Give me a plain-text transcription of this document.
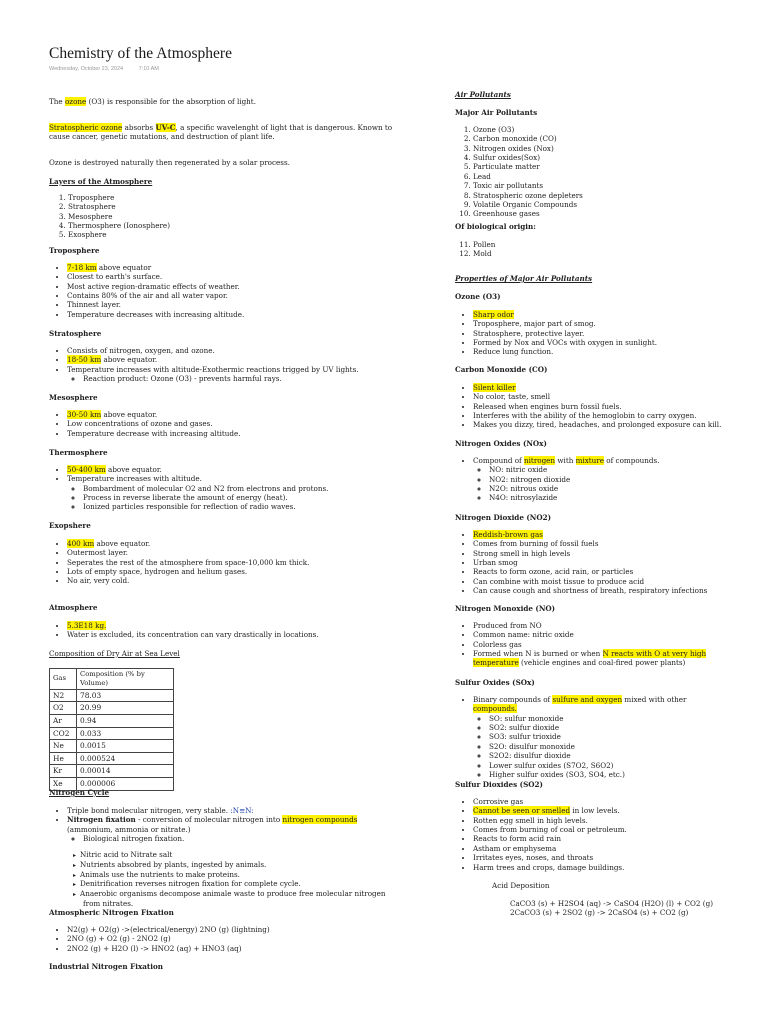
Chemistry of the Atmosphere
Wednesday, October 23, 2024	7:10 AM
The ozone (O3) is responsible for the absorption of light.
Stratospheric ozone absorbs UV-C, a specific wavelenght of light that is dangerous. Known to cause cancer, genetic mutations, and destruction of plant life.
Ozone is destroyed naturally then regenerated by a solar process.
Layers of the Atmosphere
1. Troposphere
2. Stratosphere
3. Mesosphere
4. Thermosphere (Ionosphere)
5. Exosphere
Troposphere
• 7-18 km above equator
• Closest to earth's surface.
• Most active region-dramatic effects of weather.
• Contains 80% of the air and all water vapor.
• Thinnest layer.
• Temperature decreases with increasing altitude.
Stratosphere
• Consists of nitrogen, oxygen, and ozone.
• 18-50 km above equator.
• Temperature increases with altitude-Exothermic reactions trigged by UV lights.
◦ Reaction product: Ozone (O3) - prevents harmful rays.
Mesosphere
• 30-50 km above equator.
• Low concentrations of ozone and gases.
• Temperature decrease with increasing altitude.
Thermosphere
• 50-400 km above equator.
• Temperature increases with altitude.
◦ Bombardment of molecular O2 and N2 from electrons and protons.
◦ Process in reverse liberate the amount of energy (heat).
◦ Ionized particles responsible for reflection of radio waves.
Exopshere
• 400 km above equator.
• Outermost layer.
• Seperates the rest of the atmosphere from space-10,000 km thick.
• Lots of empty space, hydrogen and helium gases.
• No air, very cold.
Atmosphere
• 5.3E18 kg.
• Water is excluded, its concentration can vary drastically in locations.
Composition of Dry Air at Sea Level
Gas	Composition (% by Volume)
N2	78.03
O2	20.99
Ar	0.94
CO2	0.033
Ne	0.0015
He	0.000524
Kr	0.00014
Xe	0.000006
Nitrogen Cycle
• Triple bond molecular nitrogen, very stable. :N≡N:
• Nitrogen fixation - conversion of molecular nitrogen into nitrogen compounds (ammonium, ammonia or nitrate.)
◦ Biological nitrogen fixation.
▸ Nitric acid to Nitrate salt
▸ Nutrients absobred by plants, ingested by animals.
▸ Animals use the nutrients to make proteins.
▸ Denitrification reverses nitrogen fixation for complete cycle.
▸ Anaerobic organisms decompose animale waste to produce free molecular nitrogen from nitrates.
Atmospheric Nitrogen Fixation
• N2(g) + O2(g) ->(electrical/energy) 2NO (g) (lightning)
• 2NO (g) + O2 (g) - 2NO2 (g)
• 2NO2 (g) + H2O (l) -> HNO2 (aq) + HNO3 (aq)
Industrial Nitrogen Fixation
Air Pollutants
Major Air Pollutants
1. Ozone (O3)
2. Carbon monoxide (CO)
3. Nitrogen oxides (Nox)
4. Sulfur oxides(Sox)
5. Particulate matter
6. Lead
7. Toxic air pollutants
8. Stratospheric ozone depleters
9. Volatile Organic Compounds
10. Greenhouse gases
Of biological origin:
11. Pollen
12. Mold
Properties of Major Air Pollutants
Ozone (O3)
• Sharp odor
• Troposphere, major part of smog.
• Stratosphere, protective layer.
• Formed by Nox and VOCs with oxygen in sunlight.
• Reduce lung function.
Carbon Monoxide (CO)
• Silent killer
• No color, taste, smell
• Released when engines burn fossil fuels.
• Interferes with the ability of the hemoglobin to carry oxygen.
• Makes you dizzy, tired, headaches, and prolonged exposure can kill.
Nitrogen Oxides (NOx)
• Compound of nitrogen with mixture of compounds.
◦ NO: nitric oxide
◦ NO2: nitrogen dioxide
◦ N2O: nitrous oxide
◦ N4O: nitrosylazide
Nitrogen Dioxide (NO2)
• Reddish-brown gas
• Comes from burning of fossil fuels
• Strong smell in high levels
• Urban smog
• Reacts to form ozone, acid rain, or particles
• Can combine with moist tissue to produce acid
• Can cause cough and shortness of breath, respiratory infections
Nitrogen Monoxide (NO)
• Produced from NO
• Common name: nitric oxide
• Colorless gas
• Formed when N is burned or when N reacts with O at very high temperature (vehicle engines and coal-fired power plants)
Sulfur Oxides (SOx)
• Binary compounds of sulfure and oxygen mixed with other compounds.
◦ SO: sulfur monoxide
◦ SO2: sulfur dioxide
◦ SO3: sulfur trioxide
◦ S2O: disulfur monoxide
◦ S2O2: disulfur dioxide
◦ Lower sulfur oxides (S7O2, S6O2)
◦ Higher sulfur oxides (SO3, SO4, etc.)
Sulfur Dioxides (SO2)
• Corrosive gas
• Cannot be seen or smelled in low levels.
• Rotten egg smell in high levels.
• Comes from burning of coal or petroleum.
• Reacts to form acid rain
• Astham or emphysema
• Irritates eyes, noses, and throats
• Harm trees and crops, damage buildings.
Acid Deposition
CaCO3 (s) + H2SO4 (aq) -> CaSO4 (H2O) (l) + CO2 (g)
2CaCO3 (s) + 2SO2 (g) -> 2CaSO4 (s) + CO2 (g)
